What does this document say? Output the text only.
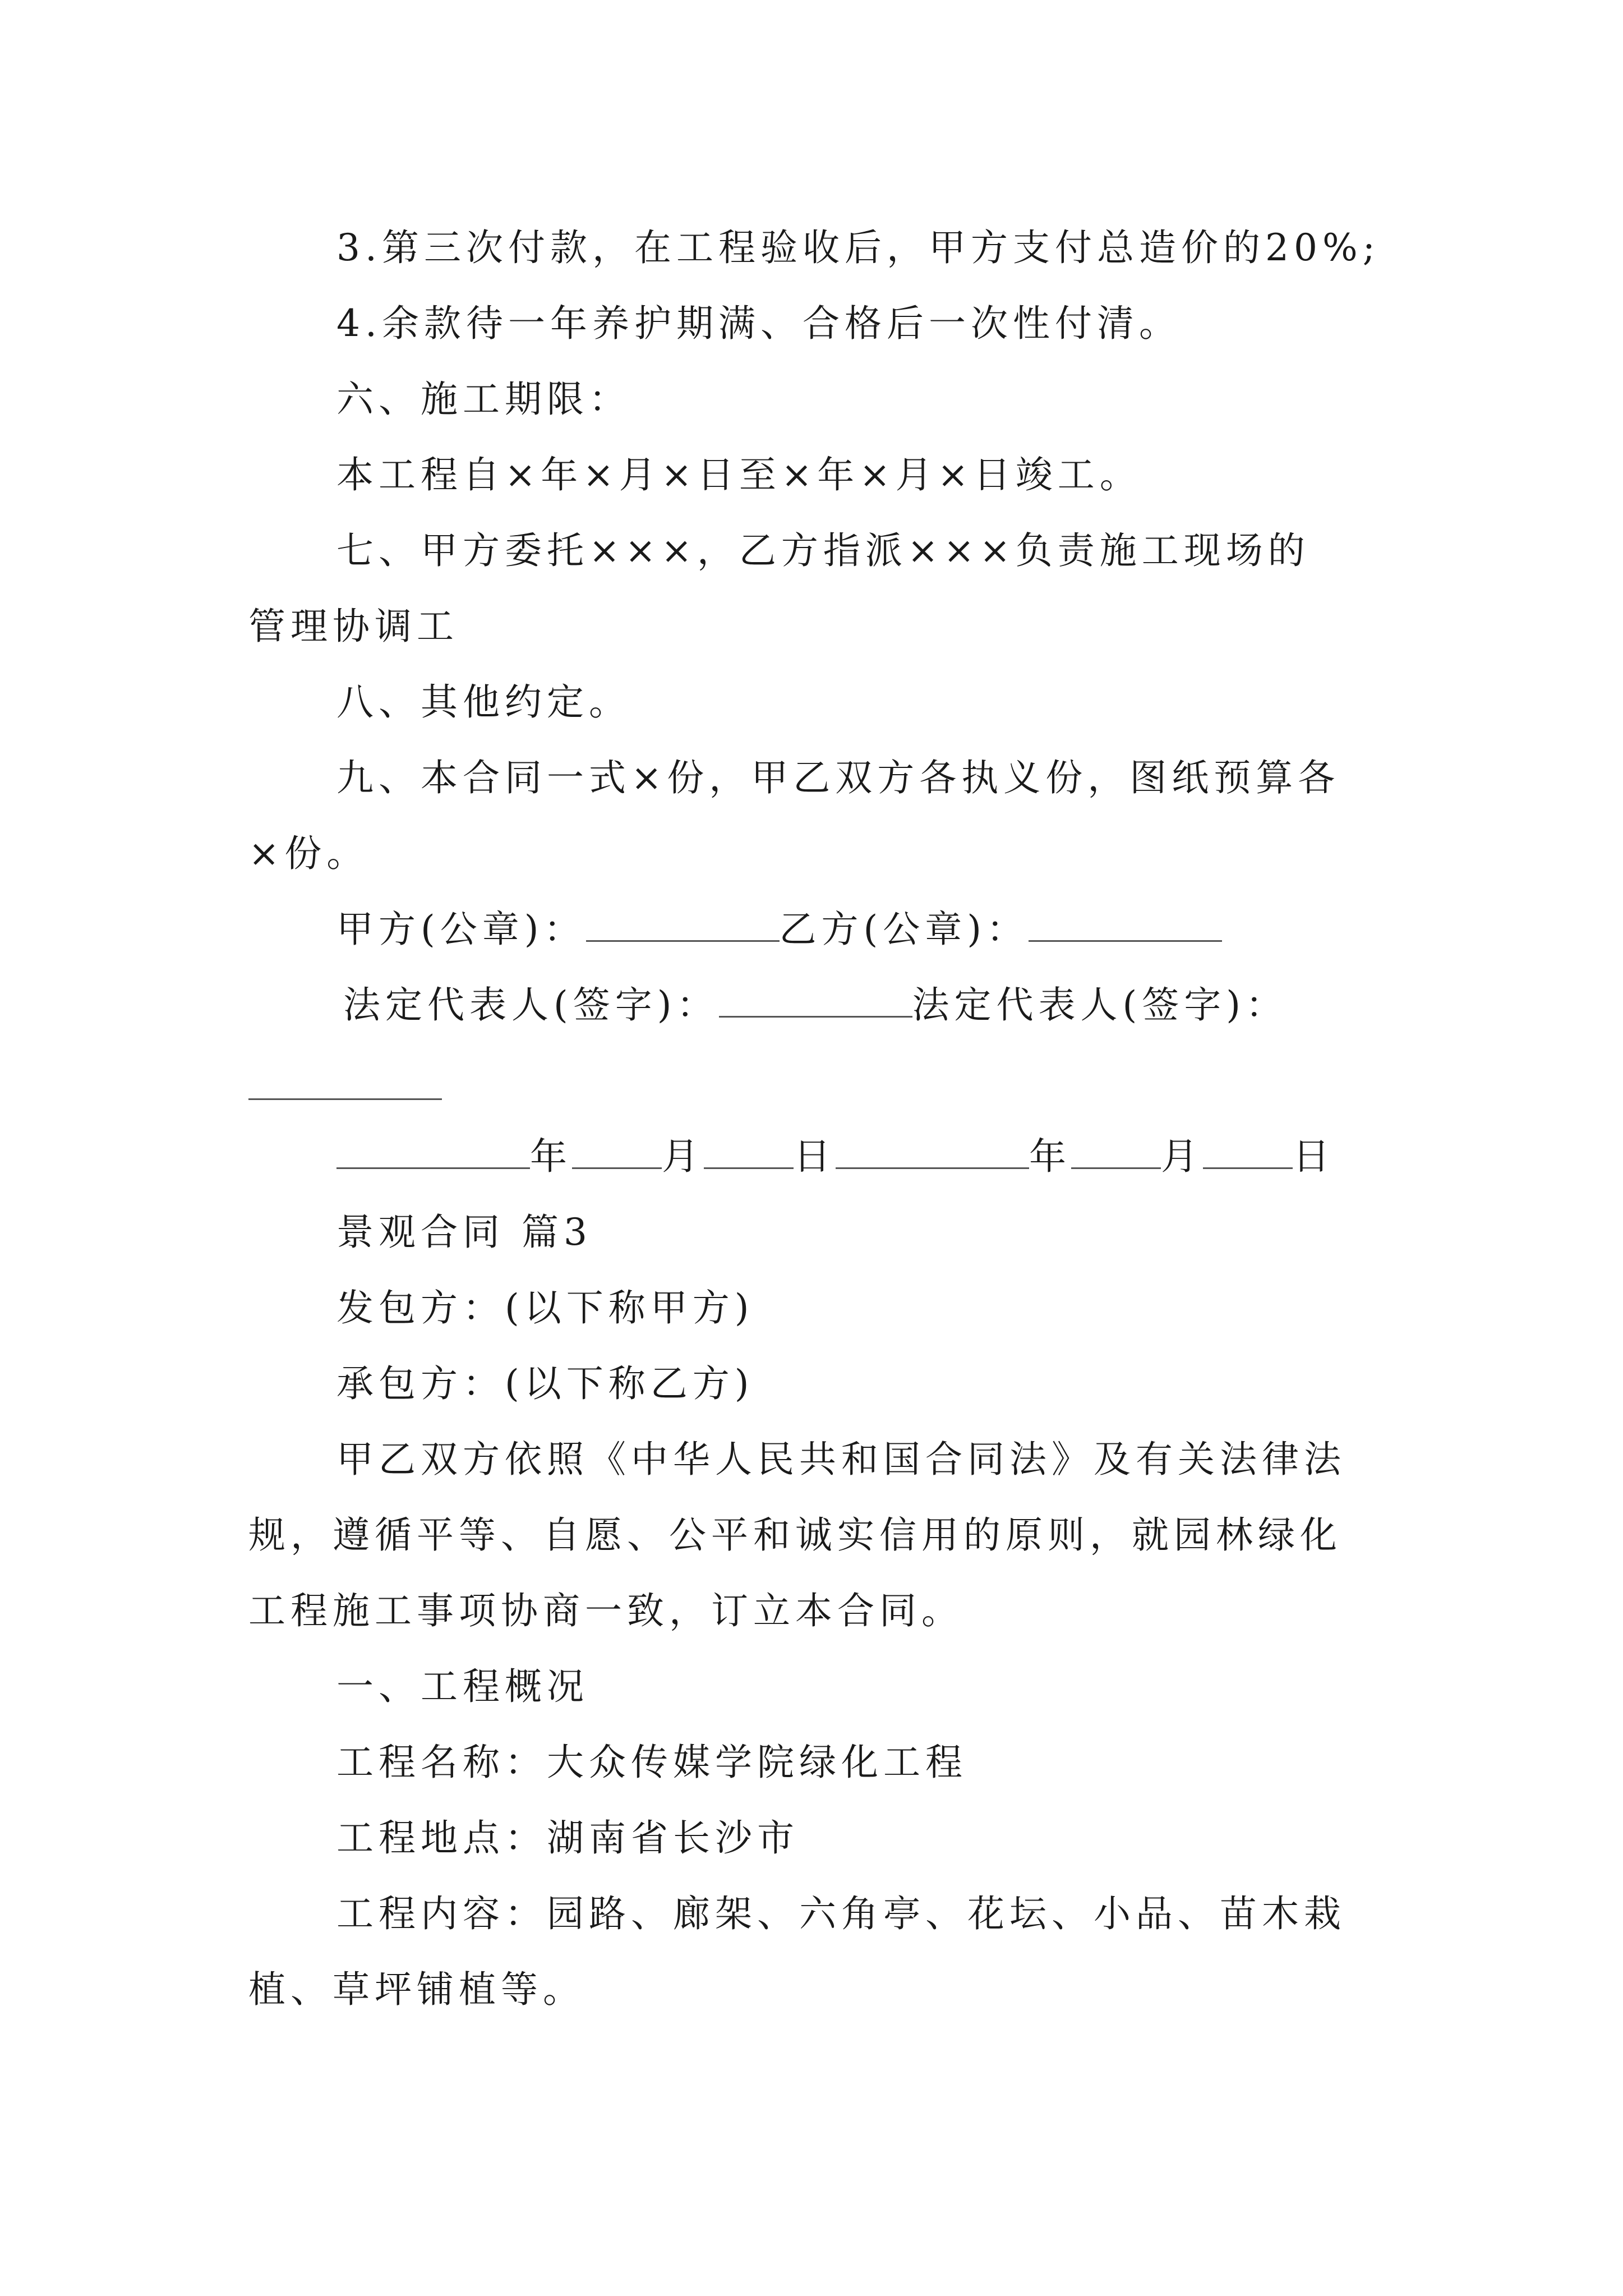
3.第三次付款，在工程验收后，甲方支付总造价的20%;
4.余款待一年养护期满、合格后一次性付清。
六、施工期限：
本工程自×年×月×日至×年×月×日竣工。
七、甲方委托×××，乙方指派×××负责施工现场的
管理协调工
八、其他约定。
九、本合同一式×份，甲乙双方各执义份，图纸预算各
×份。
甲方(公章)：	乙方(公章)：
法定代表人(签字)：	法定代表人(签字)：
年 月 日	年 月 日
景观合同 篇3
发包方：(以下称甲方)
承包方：(以下称乙方)
甲乙双方依照《中华人民共和国合同法》及有关法律法
规，遵循平等、自愿、公平和诚实信用的原则，就园林绿化
工程施工事项协商一致，订立本合同。
一、工程概况
工程名称：大众传媒学院绿化工程
工程地点：湖南省长沙市
工程内容：园路、廊架、六角亭、花坛、小品、苗木栽
植、草坪铺植等。
